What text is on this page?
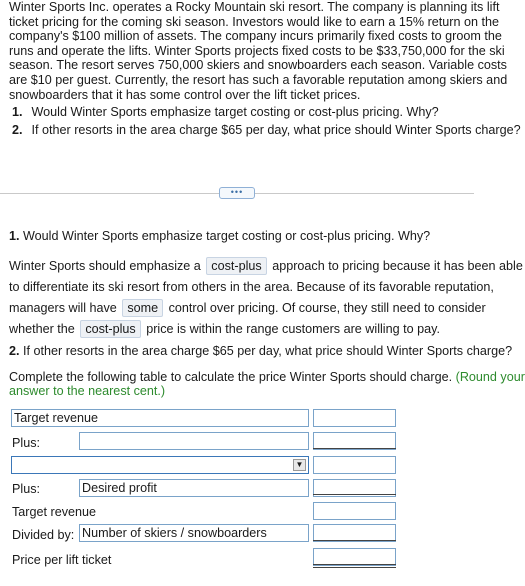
Winter Sports Inc. operates a Rocky Mountain ski resort. The company is planning its lift
ticket pricing for the coming ski season. Investors would like to earn a 15% return on the
company's $100 million of assets. The company incurs primarily fixed costs to groom the
runs and operate the lifts. Winter Sports projects fixed costs to be $33,750,000 for the ski
season. The resort serves 750,000 skiers and snowboarders each season. Variable costs
are $10 per guest. Currently, the resort has such a favorable reputation among skiers and
snowboarders that it has some control over the lift ticket prices.
1. Would Winter Sports emphasize target costing or cost-plus pricing. Why?
2. If other resorts in the area charge $65 per day, what price should Winter Sports charge?
•••
1. Would Winter Sports emphasize target costing or cost-plus pricing. Why?
Winter Sports should emphasize a cost-plus approach to pricing because it has been able
to differentiate its ski resort from others in the area. Because of its favorable reputation,
managers will have some control over pricing. Of course, they still need to consider
whether the cost-plus price is within the range customers are willing to pay.
2. If other resorts in the area charge $65 per day, what price should Winter Sports charge?
Complete the following table to calculate the price Winter Sports should charge. (Round your
answer to the nearest cent.)
Target revenue
Plus:
▼
Plus:	Desired profit
Target revenue
Divided by: Number of skiers / snowboarders
Price per lift ticket
